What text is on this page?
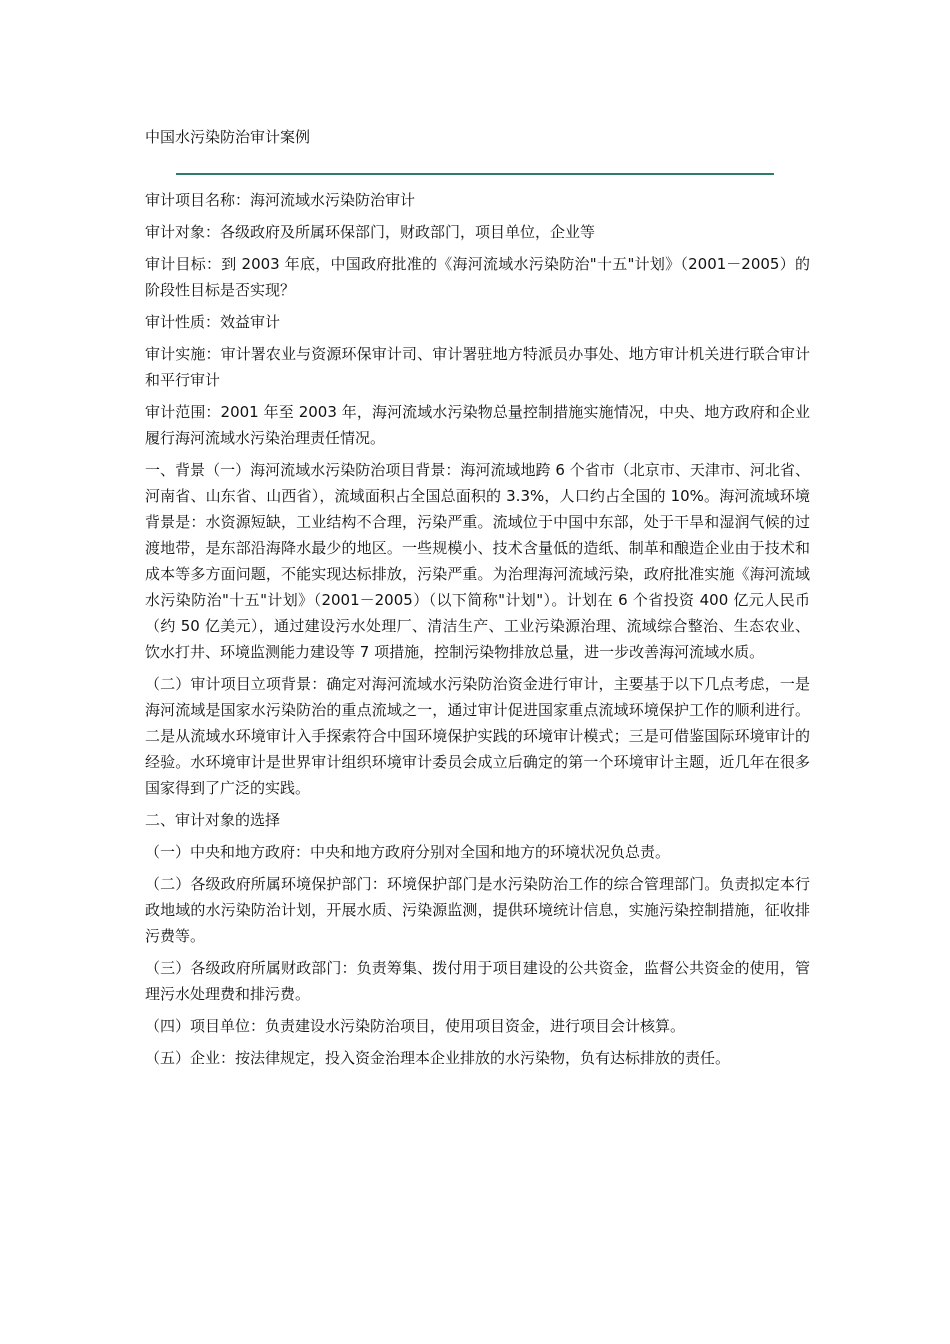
中国水污染防治审计案例

审计项目名称：海河流域水污染防治审计

审计对象：各级政府及所属环保部门，财政部门，项目单位，企业等

审计目标：到 2003 年底，中国政府批准的《海河流域水污染防治"十五"计划》（2001－2005）的阶段性目标是否实现？

审计性质：效益审计

审计实施：审计署农业与资源环保审计司、审计署驻地方特派员办事处、地方审计机关进行联合审计和平行审计

审计范围：2001 年至 2003 年，海河流域水污染物总量控制措施实施情况，中央、地方政府和企业履行海河流域水污染治理责任情况。

一、背景（一）海河流域水污染防治项目背景：海河流域地跨 6 个省市（北京市、天津市、河北省、河南省、山东省、山西省），流域面积占全国总面积的 3.3%，人口约占全国的 10%。海河流域环境背景是：水资源短缺，工业结构不合理，污染严重。流域位于中国中东部，处于干旱和湿润气候的过渡地带，是东部沿海降水最少的地区。一些规模小、技术含量低的造纸、制革和酿造企业由于技术和成本等多方面问题，不能实现达标排放，污染严重。为治理海河流域污染，政府批准实施《海河流域水污染防治"十五"计划》（2001－2005）（以下简称"计划"）。计划在 6 个省投资 400 亿元人民币（约 50 亿美元），通过建设污水处理厂、清洁生产、工业污染源治理、流域综合整治、生态农业、饮水打井、环境监测能力建设等 7 项措施，控制污染物排放总量，进一步改善海河流域水质。

（二）审计项目立项背景：确定对海河流域水污染防治资金进行审计，主要基于以下几点考虑，一是海河流域是国家水污染防治的重点流域之一，通过审计促进国家重点流域环境保护工作的顺利进行。二是从流域水环境审计入手探索符合中国环境保护实践的环境审计模式；三是可借鉴国际环境审计的经验。水环境审计是世界审计组织环境审计委员会成立后确定的第一个环境审计主题，近几年在很多国家得到了广泛的实践。

二、审计对象的选择

（一）中央和地方政府：中央和地方政府分别对全国和地方的环境状况负总责。

（二）各级政府所属环境保护部门：环境保护部门是水污染防治工作的综合管理部门。负责拟定本行政地域的水污染防治计划，开展水质、污染源监测，提供环境统计信息，实施污染控制措施，征收排污费等。

（三）各级政府所属财政部门：负责筹集、拨付用于项目建设的公共资金，监督公共资金的使用，管理污水处理费和排污费。

（四）项目单位：负责建设水污染防治项目，使用项目资金，进行项目会计核算。

（五）企业：按法律规定，投入资金治理本企业排放的水污染物，负有达标排放的责任。
